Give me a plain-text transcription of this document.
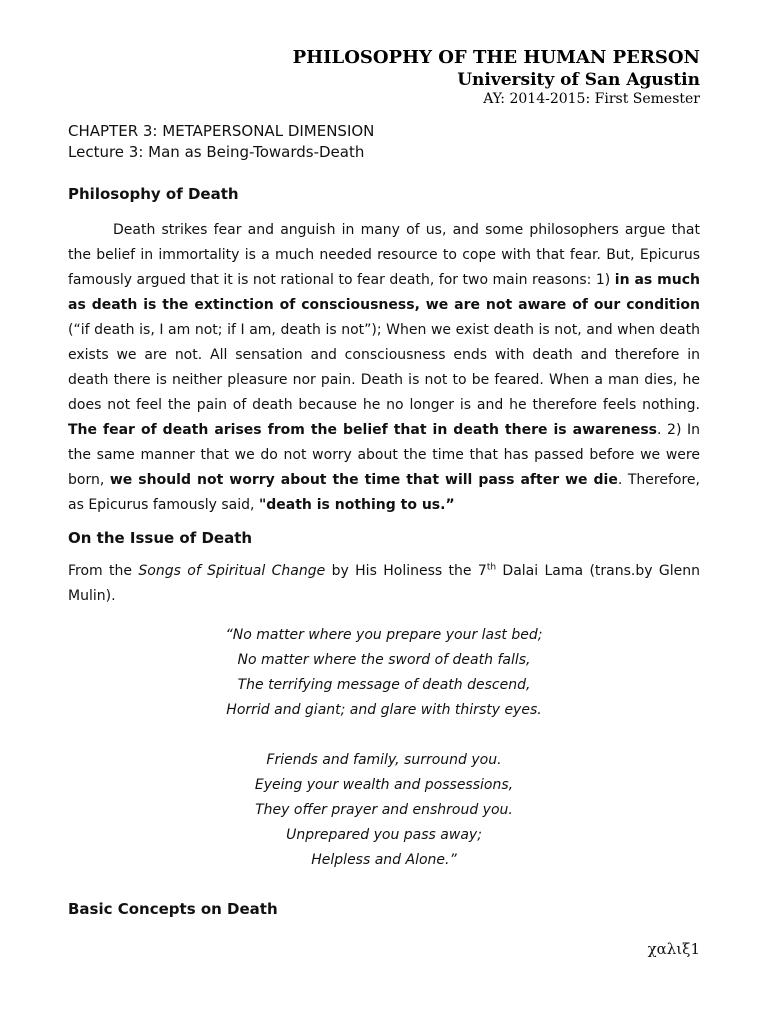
PHILOSOPHY OF THE HUMAN PERSON
University of San Agustin
AY: 2014-2015: First Semester

CHAPTER 3: METAPERSONAL DIMENSION

Lecture 3: Man as Being-Towards-Death

Philosophy of Death

Death strikes fear and anguish in many of us, and some philosophers argue that the belief in immortality is a much needed resource to cope with that fear. But, Epicurus famously argued that it is not rational to fear death, for two main reasons: 1) in as much as death is the extinction of consciousness, we are not aware of our condition (“if death is, I am not; if I am, death is not”); When we exist death is not, and when death exists we are not. All sensation and consciousness ends with death and therefore in death there is neither pleasure nor pain. Death is not to be feared. When a man dies, he does not feel the pain of death because he no longer is and he therefore feels nothing. The fear of death arises from the belief that in death there is awareness. 2) In the same manner that we do not worry about the time that has passed before we were born, we should not worry about the time that will pass after we die. Therefore, as Epicurus famously said, "death is nothing to us.”

On the Issue of Death

From the Songs of Spiritual Change by His Holiness the 7th Dalai Lama (trans.by Glenn Mulin).

“No matter where you prepare your last bed;
No matter where the sword of death falls,
The terrifying message of death descend,
Horrid and giant; and glare with thirsty eyes.
Friends and family, surround you.
Eyeing your wealth and possessions,
They offer prayer and enshroud you.
Unprepared you pass away;
Helpless and Alone.”

Basic Concepts on Death

χαλιξ1
